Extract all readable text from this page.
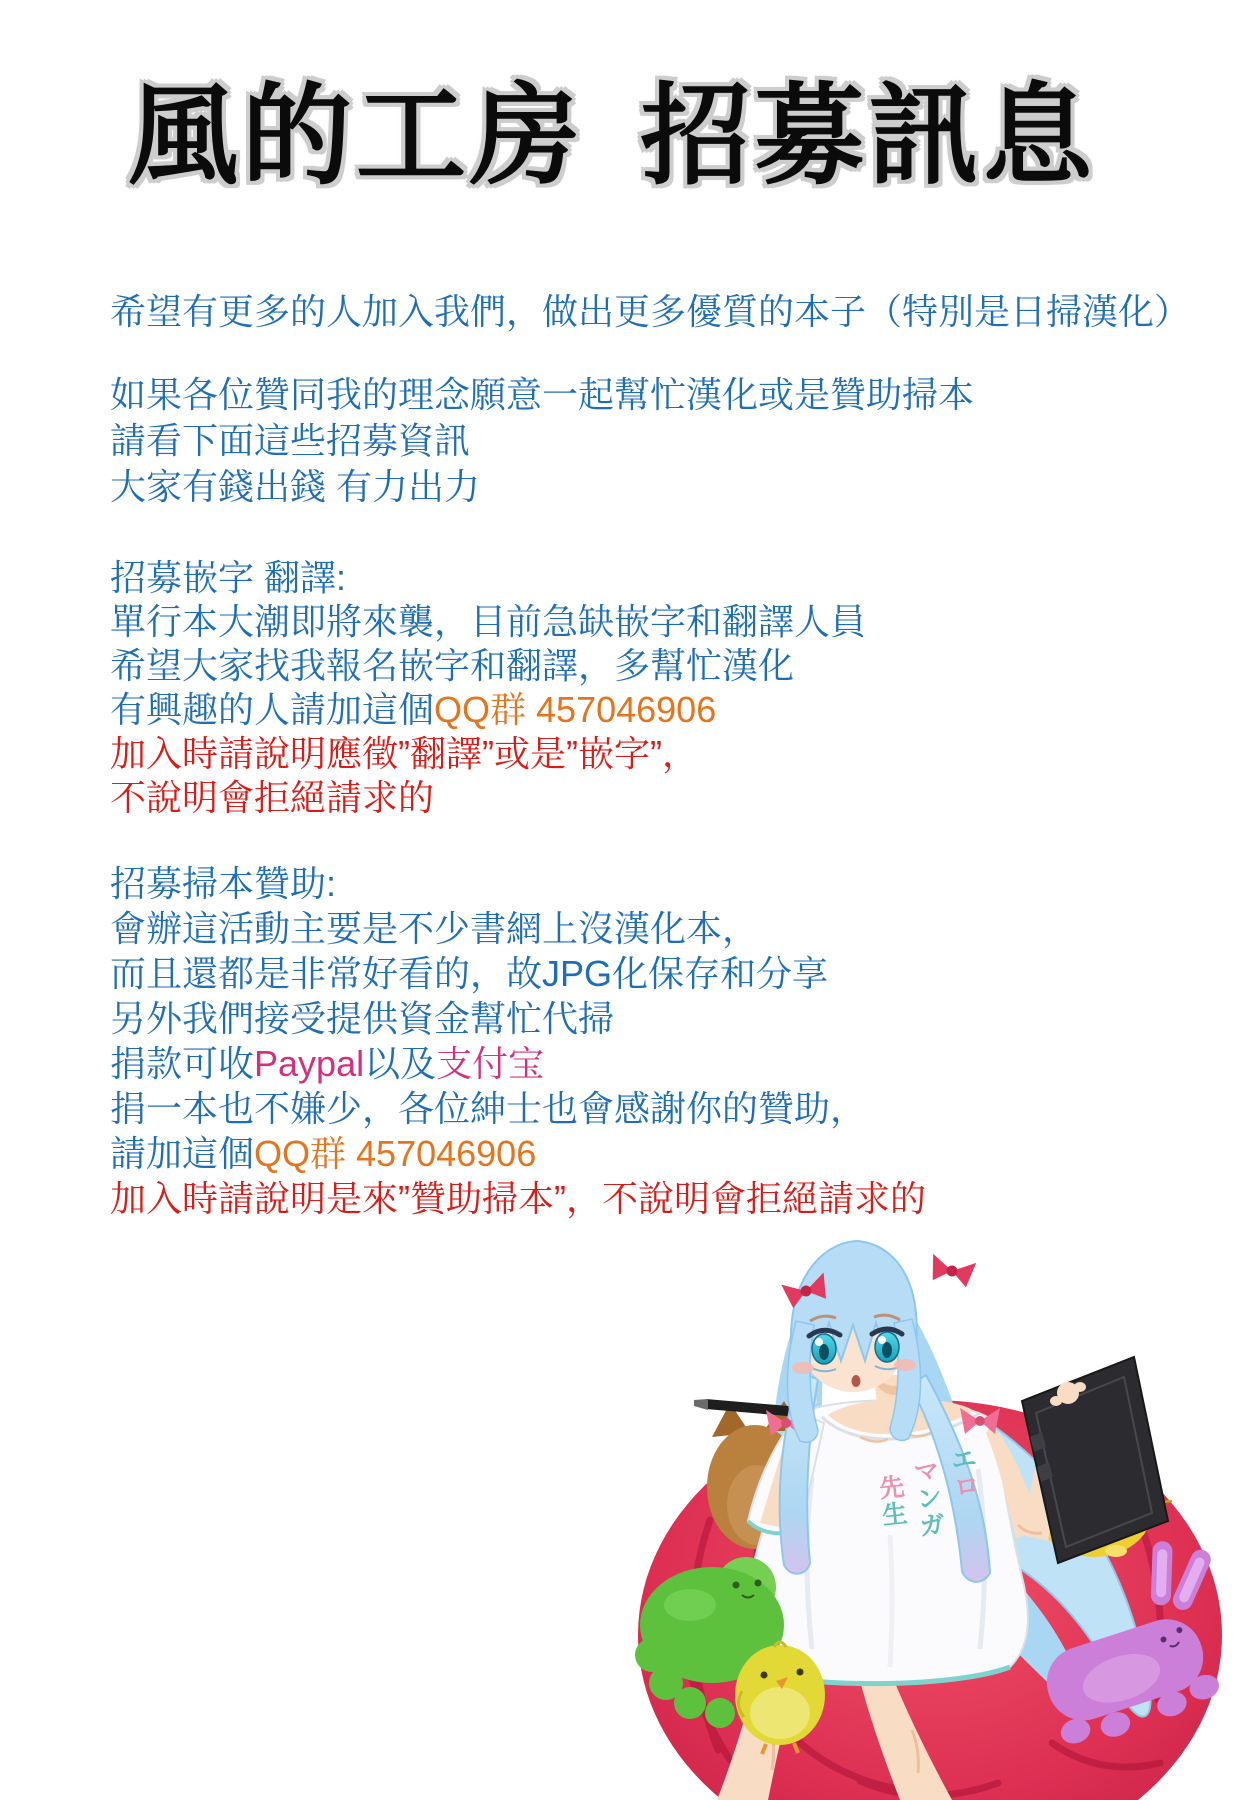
風的工房 招募訊息
希望有更多的人加入我們，做出更多優質的本子（特別是日掃漢化）
如果各位贊同我的理念願意一起幫忙漢化或是贊助掃本
請看下面這些招募資訊
大家有錢出錢 有力出力
招募嵌字 翻譯:
單行本大潮即將來襲，目前急缺嵌字和翻譯人員
希望大家找我報名嵌字和翻譯，多幫忙漢化
有興趣的人請加這個QQ群 457046906
加入時請說明應徵”翻譯”或是”嵌字”，
不說明會拒絕請求的
招募掃本贊助:
會辦這活動主要是不少書網上沒漢化本，
而且還都是非常好看的，故JPG化保存和分享
另外我們接受提供資金幫忙代掃
捐款可收Paypal以及支付宝
捐一本也不嫌少，各位紳士也會感謝你的贊助，
請加這個QQ群 457046906
加入時請說明是來”贊助掃本”，不說明會拒絕請求的
エ
ロ
マ
ン
ガ
先
生
